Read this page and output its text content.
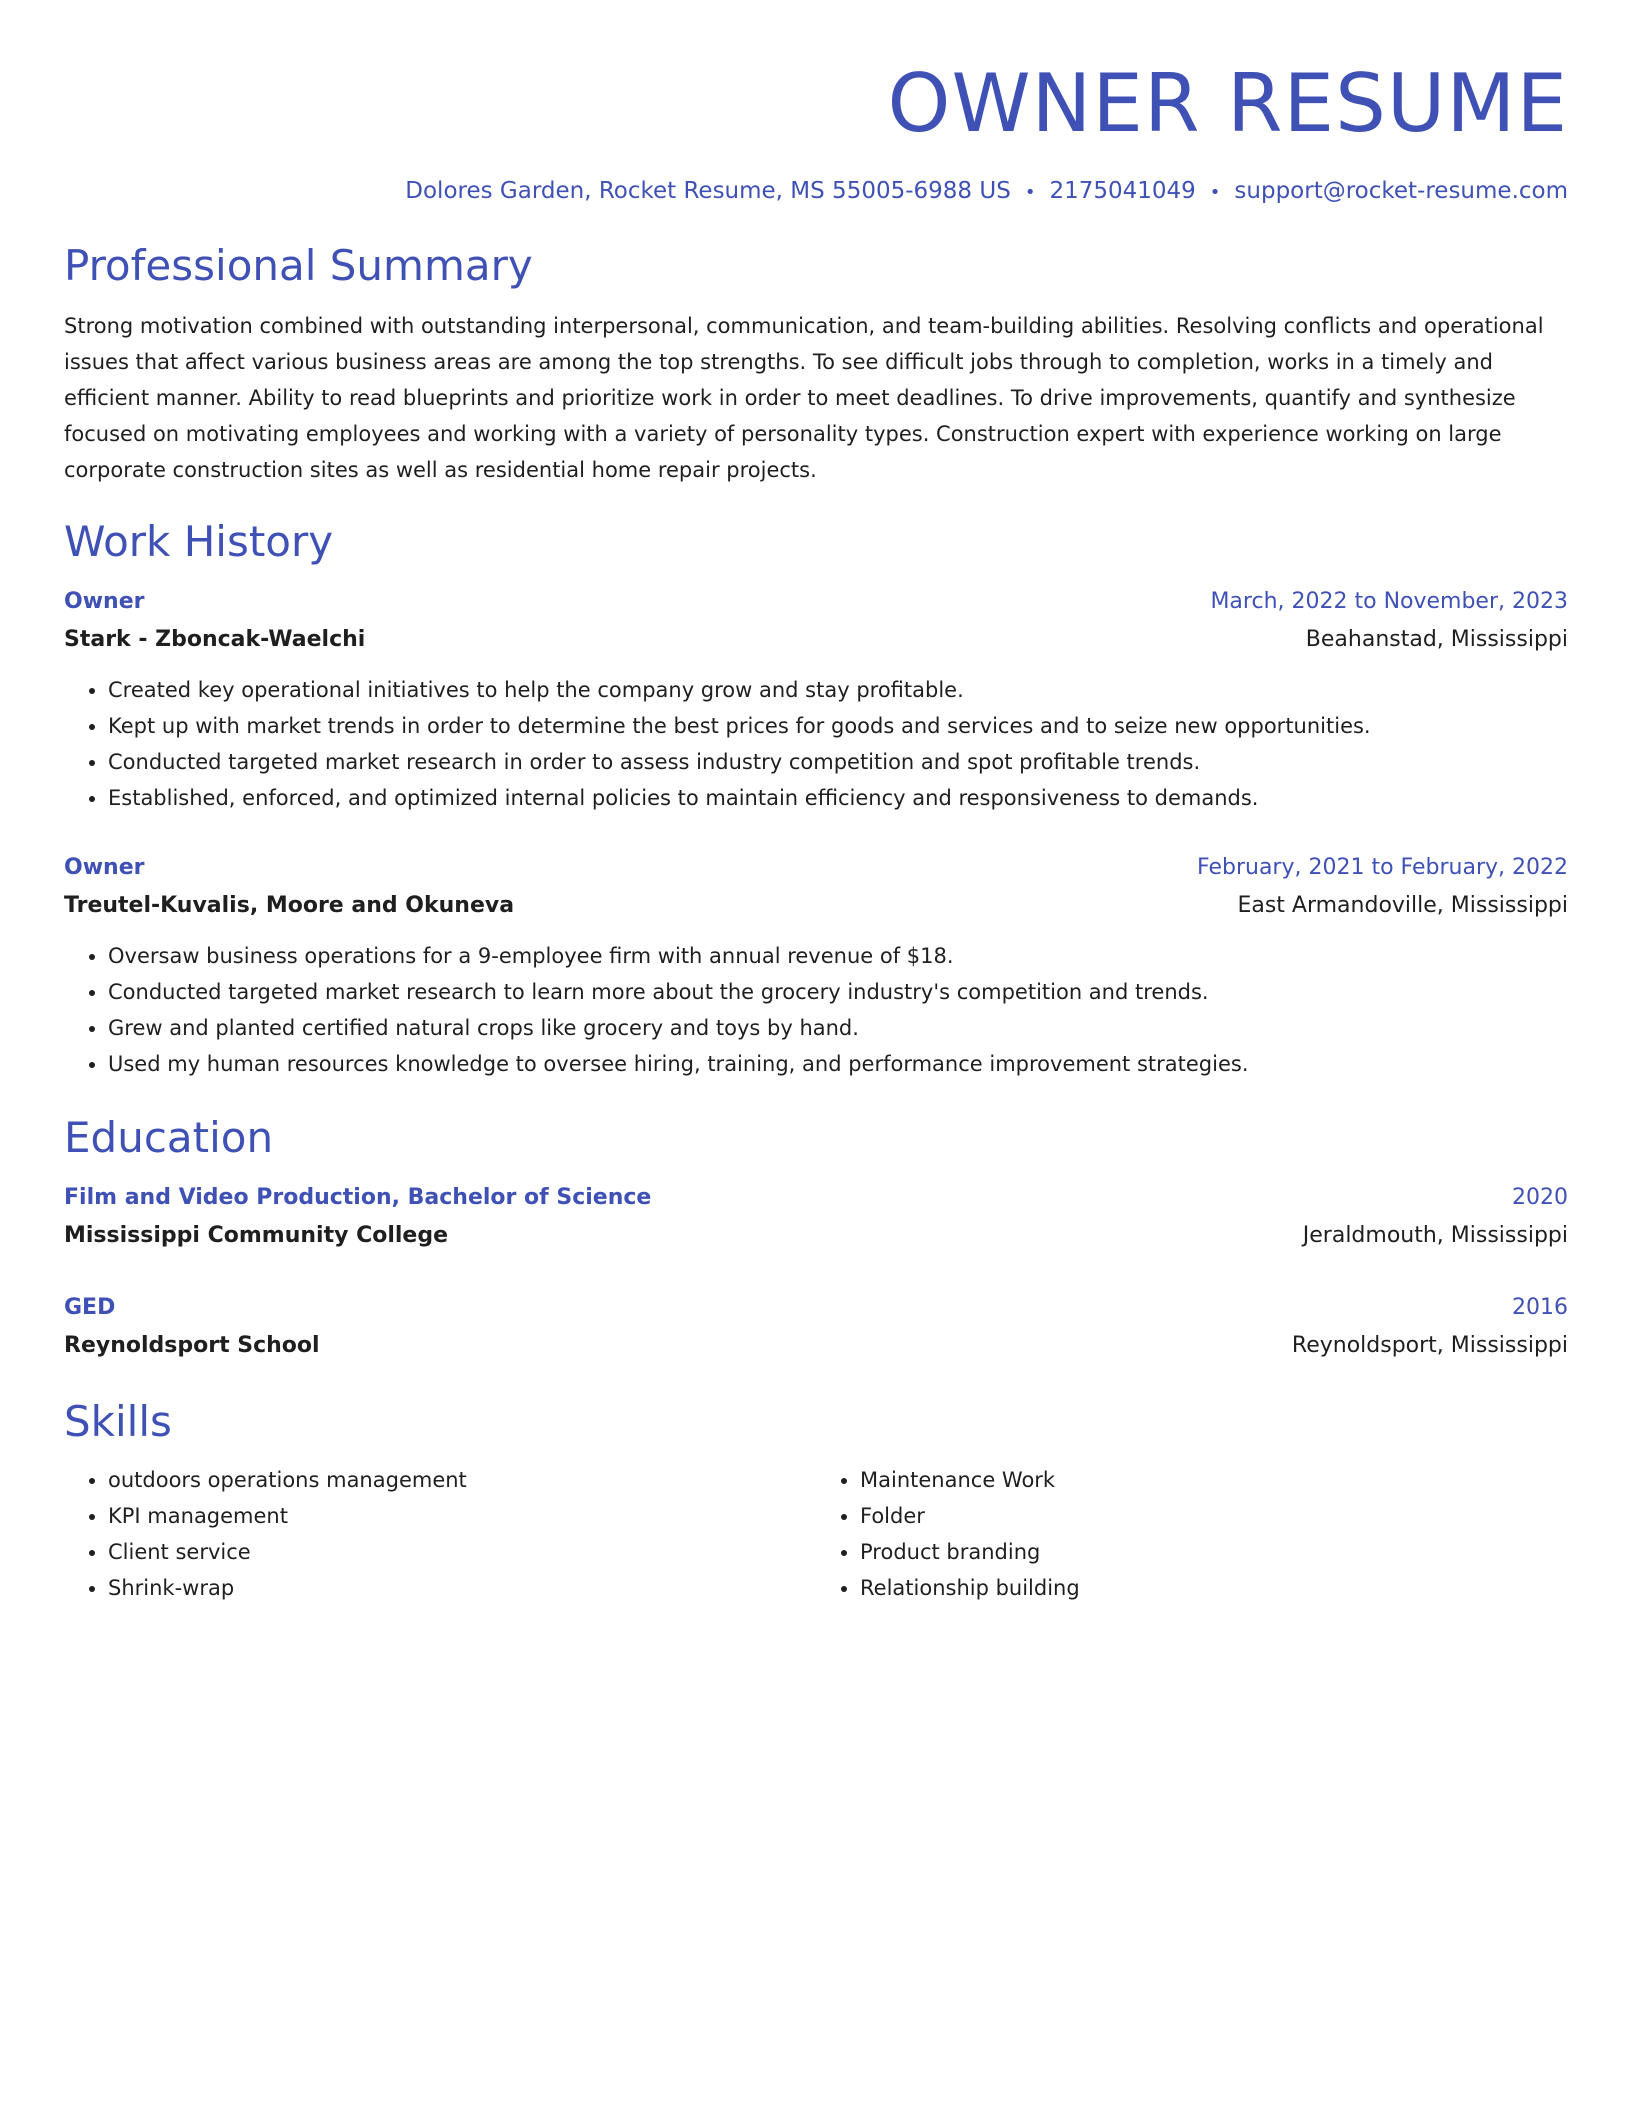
OWNER RESUME
Dolores Garden, Rocket Resume, MS 55005-6988 US • 2175041049 • support@rocket-resume.com
Professional Summary

Strong motivation combined with outstanding interpersonal, communication, and team-building abilities. Resolving conflicts and operational issues that affect various business areas are among the top strengths. To see difficult jobs through to completion, works in a timely and efficient manner. Ability to read blueprints and prioritize work in order to meet deadlines. To drive improvements, quantify and synthesize focused on motivating employees and working with a variety of personality types. Construction expert with experience working on large corporate construction sites as well as residential home repair projects.

Work History
Owner	March, 2022 to November, 2023
Stark - Zboncak-Waelchi	Beahanstad, Mississippi
• Created key operational initiatives to help the company grow and stay profitable.
• Kept up with market trends in order to determine the best prices for goods and services and to seize new opportunities.
• Conducted targeted market research in order to assess industry competition and spot profitable trends.
• Established, enforced, and optimized internal policies to maintain efficiency and responsiveness to demands.
Owner	February, 2021 to February, 2022
Treutel-Kuvalis, Moore and Okuneva	East Armandoville, Mississippi
• Oversaw business operations for a 9-employee firm with annual revenue of $18.
• Conducted targeted market research to learn more about the grocery industry's competition and trends.
• Grew and planted certified natural crops like grocery and toys by hand.
• Used my human resources knowledge to oversee hiring, training, and performance improvement strategies.
Education
Film and Video Production, Bachelor of Science	2020
Mississippi Community College	Jeraldmouth, Mississippi
GED	2016
Reynoldsport School	Reynoldsport, Mississippi
Skills
• outdoors operations management
• KPI management
• Client service
• Shrink-wrap
• Maintenance Work
• Folder
• Product branding
• Relationship building
